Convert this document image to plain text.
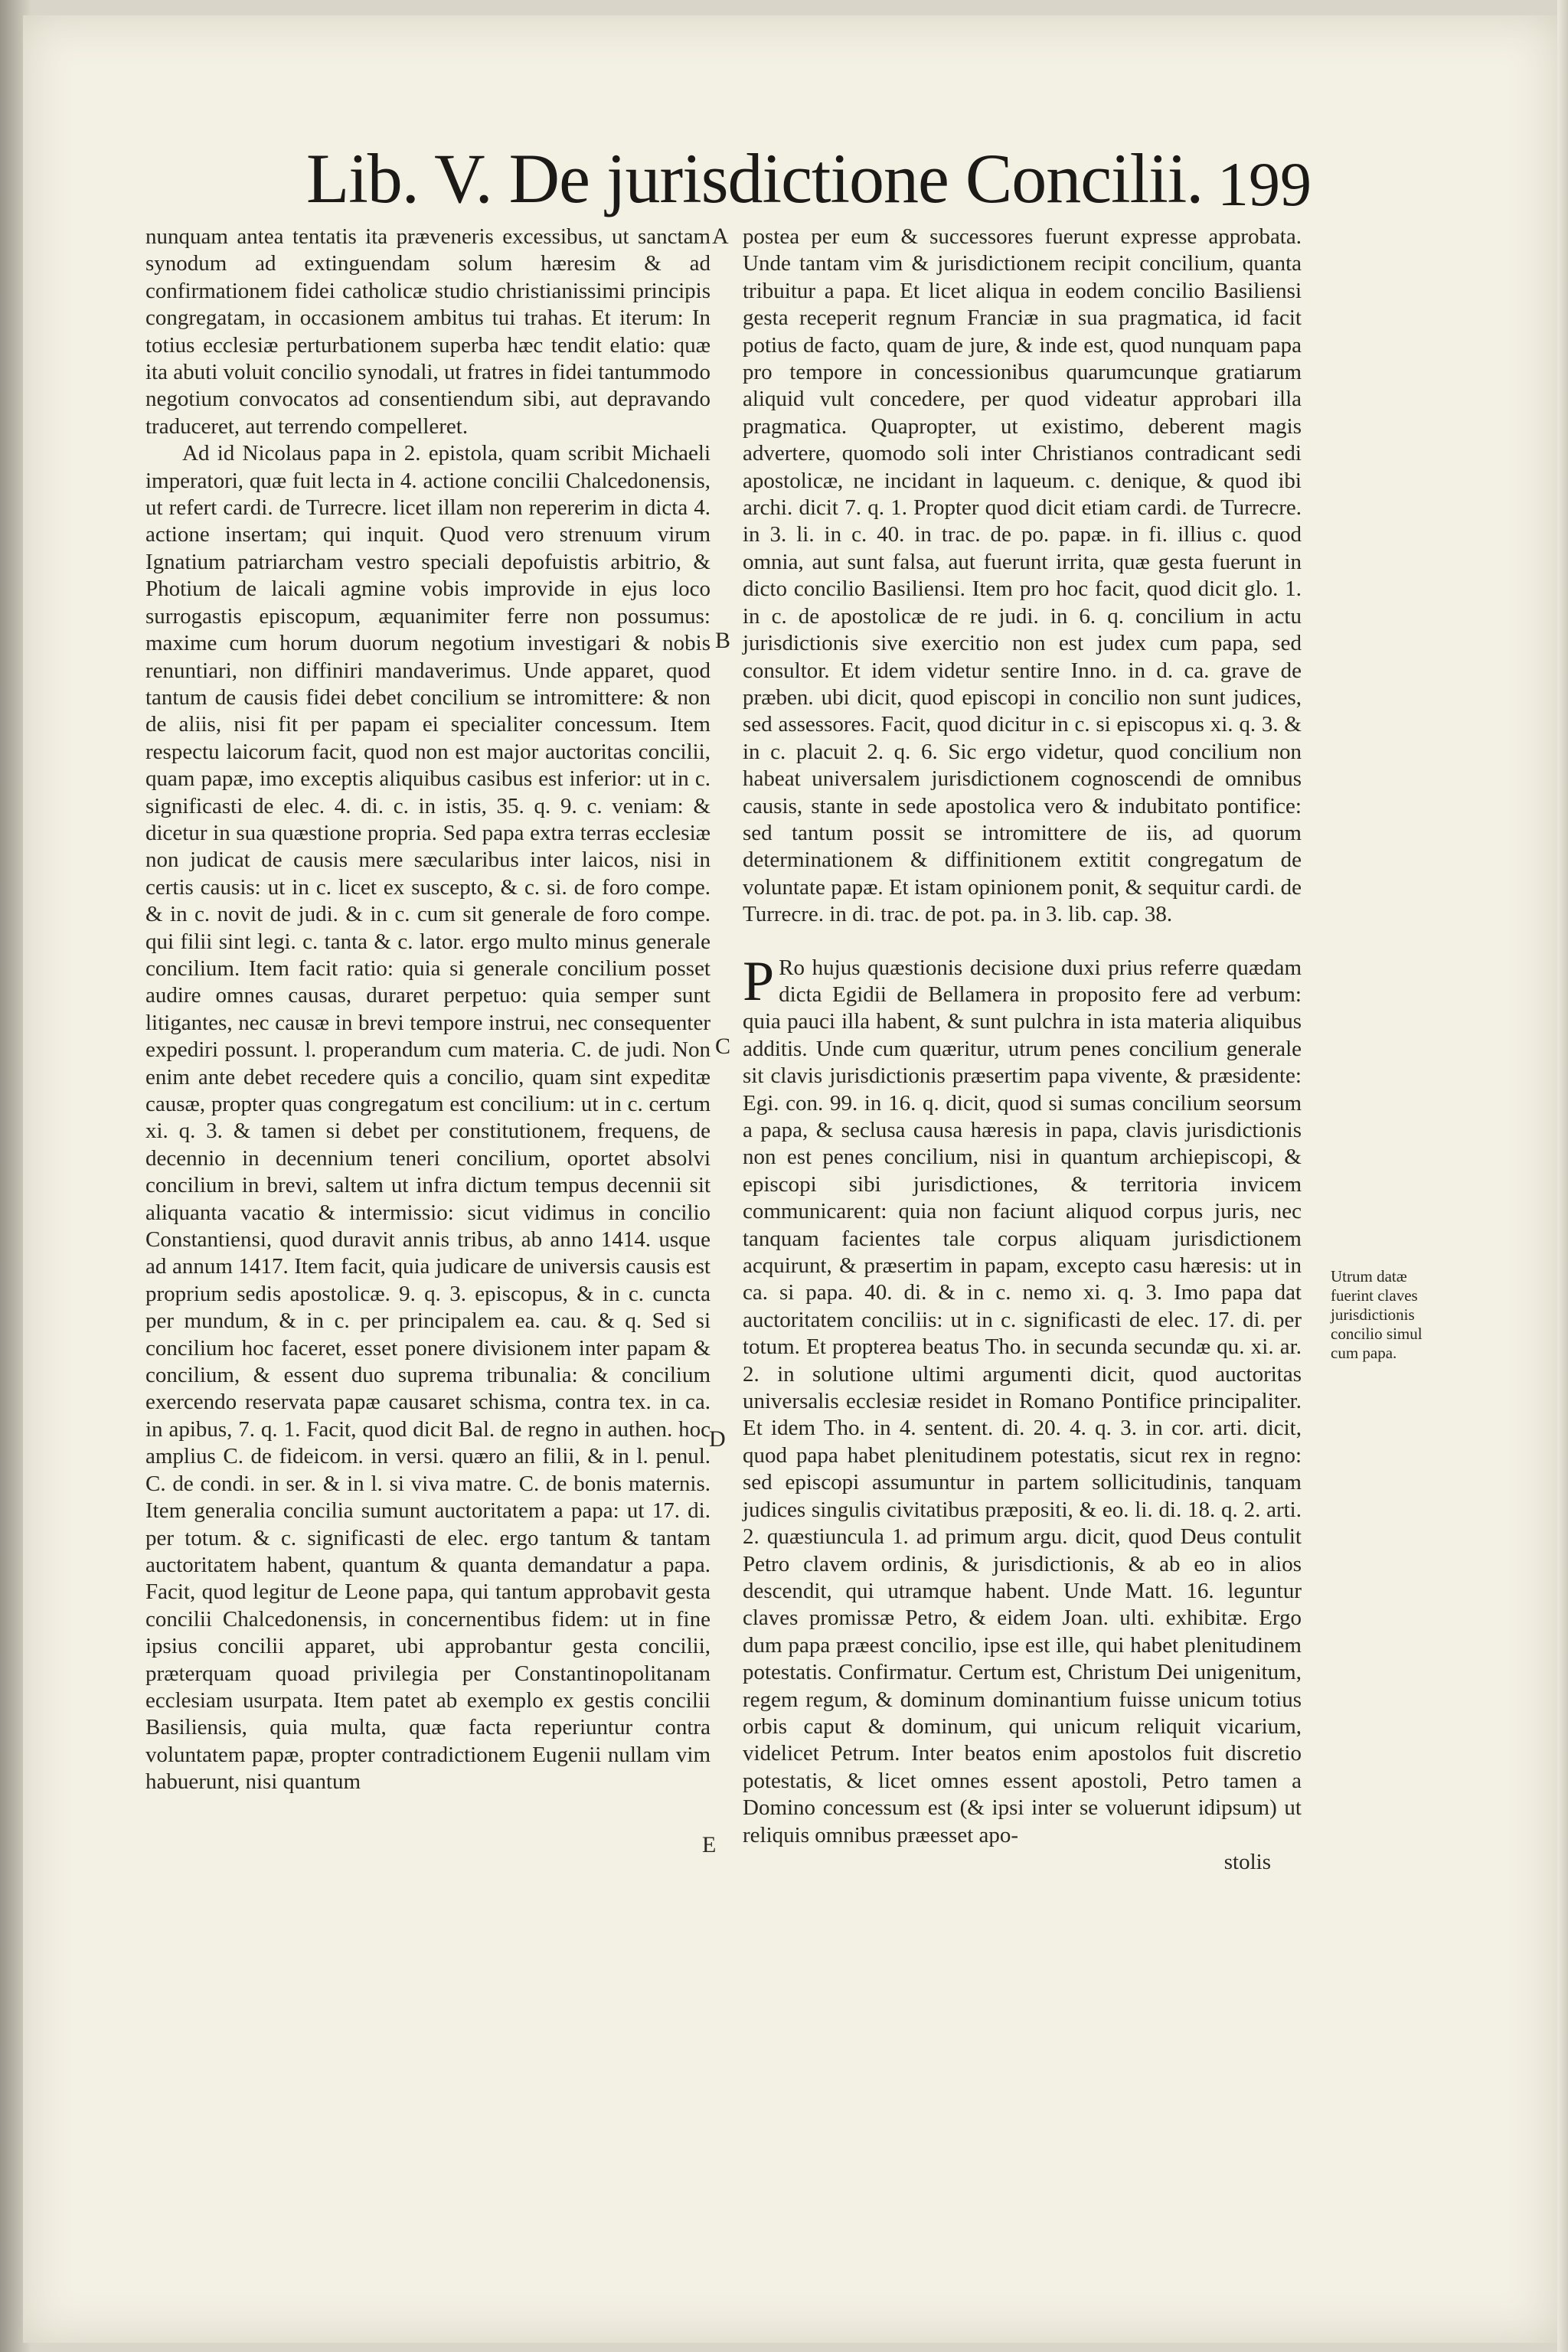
Lib. V. De jurisdictione Concilii. 199

nunquam antea tentatis ita præveneris excessibus, ut sanctam synodum ad extinguendam solum hæresim & ad confirmationem fidei catholicæ studio christianissimi principis congregatam, in occasionem ambitus tui trahas. Et iterum: In totius ecclesiæ perturbationem superba hæc tendit elatio: quæ ita abuti voluit concilio synodali, ut fratres in fidei tantummodo negotium convocatos ad consentiendum sibi, aut depravando traduceret, aut terrendo compelleret.

Ad id Nicolaus papa in 2. epistola, quam scribit Michaeli imperatori, quæ fuit lecta in 4. actione concilii Chalcedonensis, ut refert cardi. de Turrecre. licet illam non repererim in dicta 4. actione insertam; qui inquit. Quod vero strenuum virum Ignatium patriarcham vestro speciali depofuistis arbitrio, & Photium de laicali agmine vobis improvide in ejus loco surrogastis episcopum, æquanimiter ferre non possumus: maxime cum horum duorum negotium investigari & nobis renuntiari, non diffiniri mandaverimus. Unde apparet, quod tantum de causis fidei debet concilium se intromittere: & non de aliis, nisi fit per papam ei specialiter concessum. Item respectu laicorum facit, quod non est major auctoritas concilii, quam papæ, imo exceptis aliquibus casibus est inferior: ut in c. significasti de elec. 4. di. c. in istis, 35. q. 9. c. veniam: & dicetur in sua quæstione propria. Sed papa extra terras ecclesiæ non judicat de causis mere sæcularibus inter laicos, nisi in certis causis: ut in c. licet ex suscepto, & c. si. de foro compe. & in c. novit de judi. & in c. cum sit generale de foro compe. qui filii sint legi. c. tanta & c. lator. ergo multo minus generale concilium. Item facit ratio: quia si generale concilium posset audire omnes causas, duraret perpetuo: quia semper sunt litigantes, nec causæ in brevi tempore instrui, nec consequenter expediri possunt. l. properandum cum materia. C. de judi. Non enim ante debet recedere quis a concilio, quam sint expeditæ causæ, propter quas congregatum est concilium: ut in c. certum xi. q. 3. & tamen si debet per constitutionem, frequens, de decennio in decennium teneri concilium, oportet absolvi concilium in brevi, saltem ut infra dictum tempus decennii sit aliquanta vacatio & intermissio: sicut vidimus in concilio Constantiensi, quod duravit annis tribus, ab anno 1414. usque ad annum 1417. Item facit, quia judicare de universis causis est proprium sedis apostolicæ. 9. q. 3. episcopus, & in c. cuncta per mundum, & in c. per principalem ea. cau. & q. Sed si concilium hoc faceret, esset ponere divisionem inter papam & concilium, & essent duo suprema tribunalia: & concilium exercendo reservata papæ causaret schisma, contra tex. in ca. in apibus, 7. q. 1. Facit, quod dicit Bal. de regno in authen. hoc amplius C. de fideicom. in versi. quæro an filii, & in l. penul. C. de condi. in ser. & in l. si viva matre. C. de bonis maternis. Item generalia concilia sumunt auctoritatem a papa: ut 17. di. per totum. & c. significasti de elec. ergo tantum & tantam auctoritatem habent, quantum & quanta demandatur a papa. Facit, quod legitur de Leone papa, qui tantum approbavit gesta concilii Chalcedonensis, in concernentibus fidem: ut in fine ipsius concilii apparet, ubi approbantur gesta concilii, præterquam quoad privilegia per Constantinopolitanam ecclesiam usurpata. Item patet ab exemplo ex gestis concilii Basiliensis, quia multa, quæ facta reperiuntur contra voluntatem papæ, propter contradictionem Eugenii nullam vim habuerunt, nisi quantum

postea per eum & successores fuerunt expresse approbata. Unde tantam vim & jurisdictionem recipit concilium, quanta tribuitur a papa. Et licet aliqua in eodem concilio Basiliensi gesta receperit regnum Franciæ in sua pragmatica, id facit potius de facto, quam de jure, & inde est, quod nunquam papa pro tempore in concessionibus quarumcunque gratiarum aliquid vult concedere, per quod videatur approbari illa pragmatica. Quapropter, ut existimo, deberent magis advertere, quomodo soli inter Christianos contradicant sedi apostolicæ, ne incidant in laqueum. c. denique, & quod ibi archi. dicit 7. q. 1. Propter quod dicit etiam cardi. de Turrecre. in 3. li. in c. 40. in trac. de po. papæ. in fi. illius c. quod omnia, aut sunt falsa, aut fuerunt irrita, quæ gesta fuerunt in dicto concilio Basiliensi. Item pro hoc facit, quod dicit glo. 1. in c. de apostolicæ de re judi. in 6. q. concilium in actu jurisdictionis sive exercitio non est judex cum papa, sed consultor. Et idem videtur sentire Inno. in d. ca. grave de præben. ubi dicit, quod episcopi in concilio non sunt judices, sed assessores. Facit, quod dicitur in c. si episcopus xi. q. 3. & in c. placuit 2. q. 6. Sic ergo videtur, quod concilium non habeat universalem jurisdictionem cognoscendi de omnibus causis, stante in sede apostolica vero & indubitato pontifice: sed tantum possit se intromittere de iis, ad quorum determinationem & diffinitionem extitit congregatum de voluntate papæ. Et istam opinionem ponit, & sequitur cardi. de Turrecre. in di. trac. de pot. pa. in 3. lib. cap. 38.

P Ro hujus quæstionis decisione duxi prius referre quædam dicta Egidii de Bellamera in proposito fere ad verbum: quia pauci illa habent, & sunt pulchra in ista materia aliquibus additis. Unde cum quæritur, utrum penes concilium generale sit clavis jurisdictionis præsertim papa vivente, & præsidente: Egi. con. 99. in 16. q. dicit, quod si sumas concilium seorsum a papa, & seclusa causa hæresis in papa, clavis jurisdictionis non est penes concilium, nisi in quantum archiepiscopi, & episcopi sibi jurisdictiones, & territoria invicem communicarent: quia non faciunt aliquod corpus juris, nec tanquam facientes tale corpus aliquam jurisdictionem acquirunt, & præsertim in papam, excepto casu hæresis: ut in ca. si papa. 40. di. & in c. nemo xi. q. 3. Imo papa dat auctoritatem conciliis: ut in c. significasti de elec. 17. di. per totum. Et propterea beatus Tho. in secunda secundæ qu. xi. ar. 2. in solutione ultimi argumenti dicit, quod auctoritas universalis ecclesiæ residet in Romano Pontifice principaliter. Et idem Tho. in 4. sentent. di. 20. 4. q. 3. in cor. arti. dicit, quod papa habet plenitudinem potestatis, sicut rex in regno: sed episcopi assumuntur in partem sollicitudinis, tanquam judices singulis civitatibus præpositi, & eo. li. di. 18. q. 2. arti. 2. quæstiuncula 1. ad primum argu. dicit, quod Deus contulit Petro clavem ordinis, & jurisdictionis, & ab eo in alios descendit, qui utramque habent. Unde Matt. 16. leguntur claves promissæ Petro, & eidem Joan. ulti. exhibitæ. Ergo dum papa præest concilio, ipse est ille, qui habet plenitudinem potestatis. Confirmatur. Certum est, Christum Dei unigenitum, regem regum, & dominum dominantium fuisse unicum totius orbis caput & dominum, qui unicum reliquit vicarium, videlicet Petrum. Inter beatos enim apostolos fuit discretio potestatis, & licet omnes essent apostoli, Petro tamen a Domino concessum est (& ipsi inter se voluerunt idipsum) ut reliquis omnibus præesset apo-

stolis

A
B
C
D
E
Utrum datæ fuerint claves jurisdictionis concilio simul cum papa.
